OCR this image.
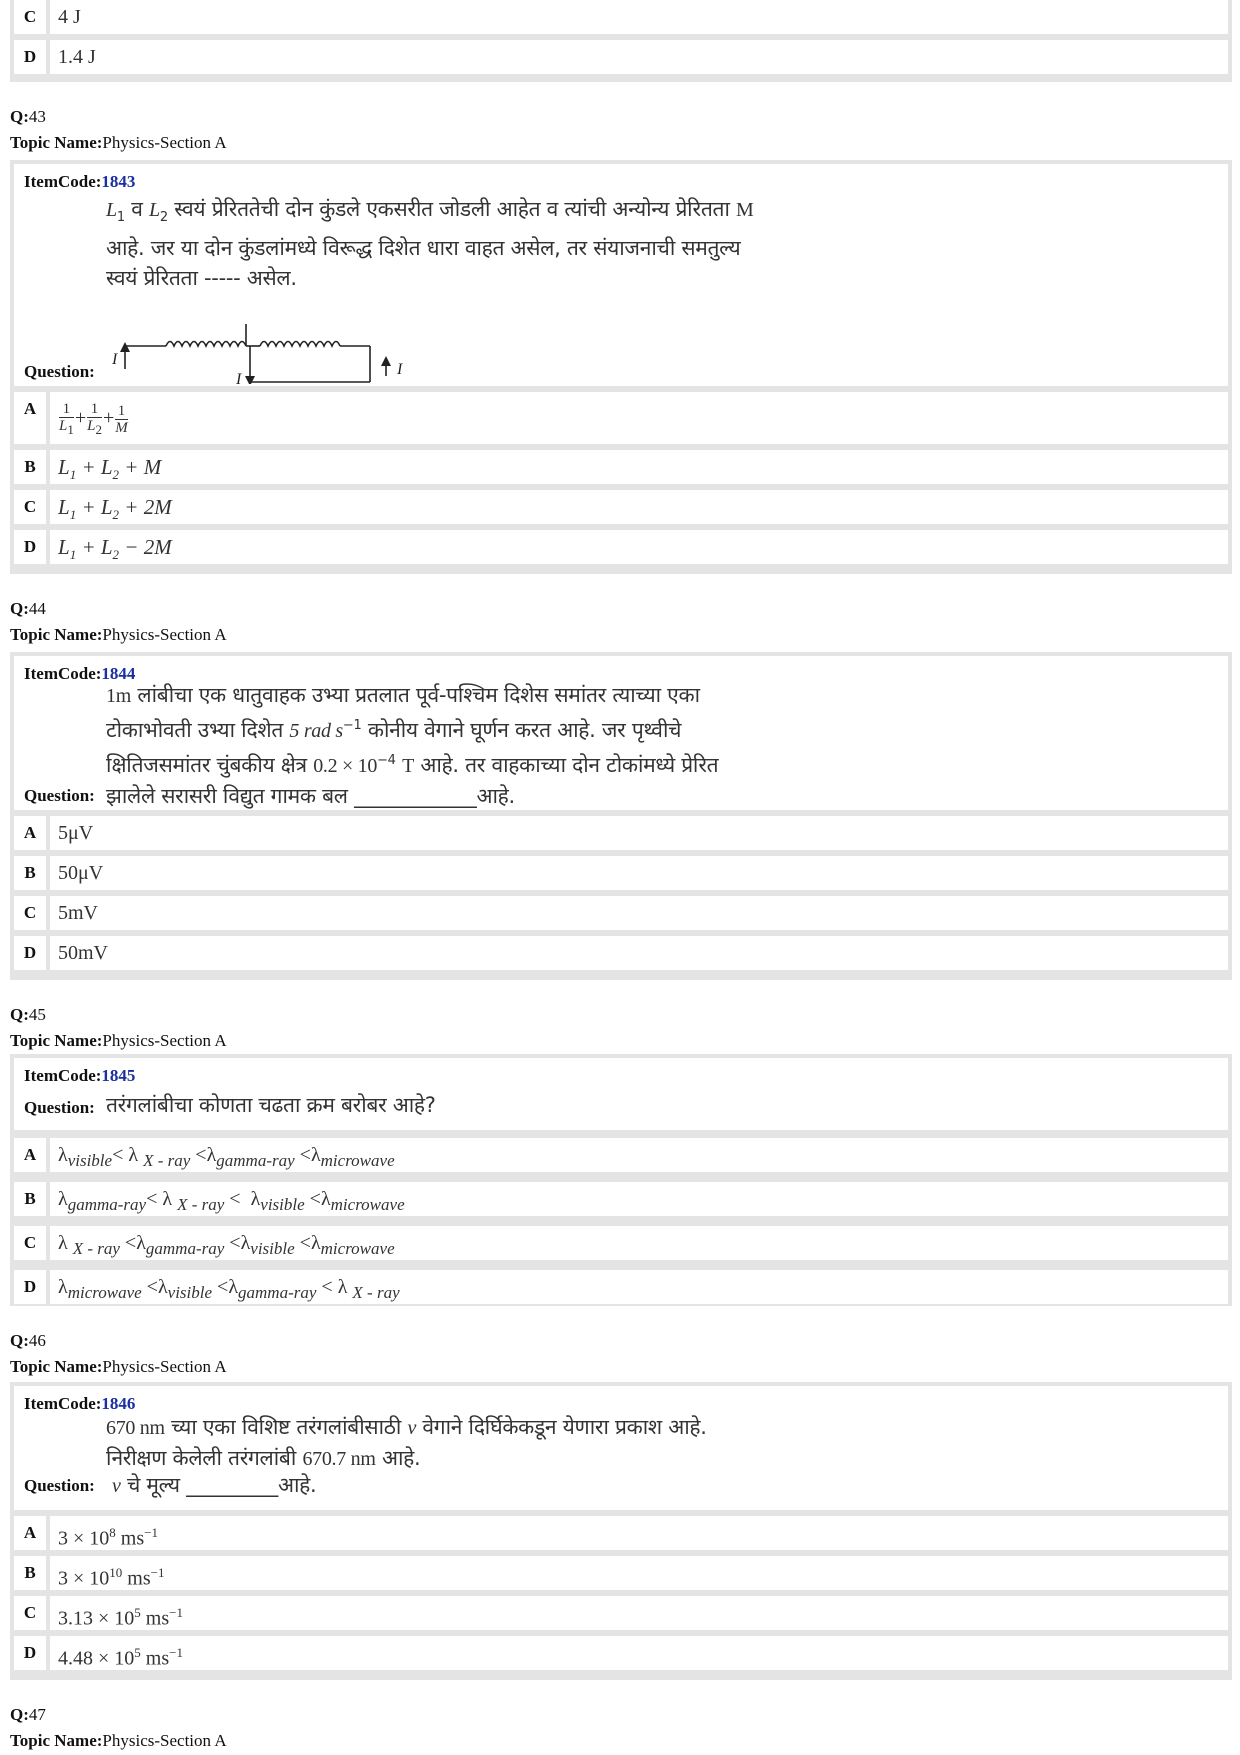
C	4 J
D	1.4 J
Q:43
Topic Name:Physics-Section A
ItemCode:1843
$L_1$ व $L_2$ स्वयं प्रेरिततेची दोन कुंडले एकसरीत जोडली आहेत व त्यांची अन्योन्य प्रेरितता M
आहे. जर या दोन कुंडलांमध्ये विरूद्ध दिशेत धारा वाहत असेल, तर संयाजनाची समतुल्य
स्वयं प्रेरितता ----- असेल.
I
I
I
Question:
A	$\frac{1}{L_1} + \frac{1}{L_2} + \frac{1}{M}$
B	$L_1 + L_2 + M$
C	$L_1 + L_2 + 2M$
D	$L_1 + L_2 - 2M$
Q:44
Topic Name:Physics-Section A
ItemCode:1844
1m लांबीचा एक धातुवाहक उभ्या प्रतलात पूर्व-पश्चिम दिशेस समांतर त्याच्या एका
टोकाभोवती उभ्या दिशेत 5 rad $s^{-1}$ कोनीय वेगाने घूर्णन करत आहे. जर पृथ्वीचे
क्षितिजसमांतर चुंबकीय क्षेत्र $0.2 \times 10^{-4}$ T आहे. तर वाहकाच्या दोन टोकांमध्ये प्रेरित
झालेले सरासरी विद्युत गामक बल ____________आहे.
Question:
A	5μV
B	50μV
C	5mV
D	50mV
Q:45
Topic Name:Physics-Section A
ItemCode:1845
Question: तरंगलांबीचा कोणता चढता क्रम बरोबर आहे?
A	$\lambda_{visible}< \lambda$ $_{X - ray} <\lambda_{gamma-ray} <\lambda_{microwave}$
B	$\lambda_{gamma-ray}< \lambda$ $_{X - ray} < \lambda_{visible} <\lambda_{microwave}$
C	λ $_{X - ray} <\lambda_{gamma-ray} <\lambda_{visible} <\lambda_{microwave}$
D	$\lambda_{microwave} <\lambda_{visible} <\lambda_{gamma-ray} < \lambda$ $_{X - ray}$
Q:46
Topic Name:Physics-Section A
ItemCode:1846
670 nm च्या एका विशिष्ट तरंगलांबीसाठी v वेगाने दिर्घिकेकडून येणारा प्रकाश आहे.
निरीक्षण केलेली तरंगलांबी 670.7 nm आहे.
Question: v चे मूल्य _________आहे.
A	$3 \times 10^8$ $ms^{-1}$
B	$3 \times 10^{10}$ $ms^{-1}$
C	$3.13 \times 10^5$ $ms^{-1}$
D	$4.48 \times 10^5$ $ms^{-1}$
Q:47
Topic Name:Physics-Section A
